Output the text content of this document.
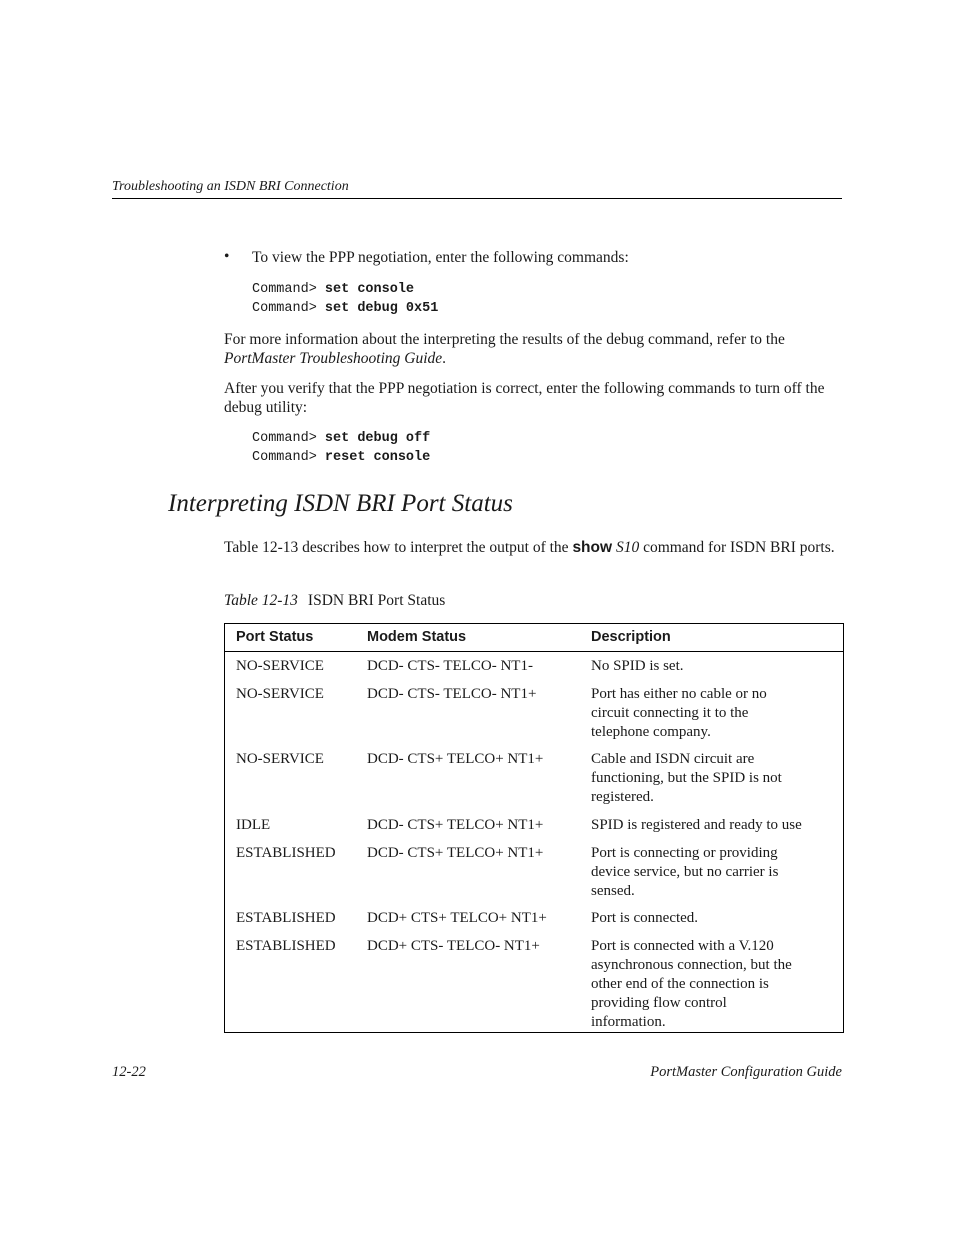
Troubleshooting an ISDN BRI Connection
• To view the PPP negotiation, enter the following commands:
Command> set console
Command> set debug 0x51
For more information about the interpreting the results of the debug command, refer to the PortMaster Troubleshooting Guide.
After you verify that the PPP negotiation is correct, enter the following commands to turn off the debug utility:
Command> set debug off
Command> reset console
Interpreting ISDN BRI Port Status
Table 12-13 describes how to interpret the output of the show S10 command for ISDN BRI ports.
Table 12-13 ISDN BRI Port Status
Port Status	Modem Status	Description
NO-SERVICE	DCD- CTS- TELCO- NT1-	No SPID is set.
NO-SERVICE	DCD- CTS- TELCO- NT1+	Port has either no cable or no
circuit connecting it to the
telephone company.
NO-SERVICE	DCD- CTS+ TELCO+ NT1+	Cable and ISDN circuit are
functioning, but the SPID is not
registered.
IDLE	DCD- CTS+ TELCO+ NT1+	SPID is registered and ready to use
ESTABLISHED DCD- CTS+ TELCO+ NT1+	Port is connecting or providing
device service, but no carrier is
sensed.
ESTABLISHED DCD+ CTS+ TELCO+ NT1+	Port is connected.
ESTABLISHED DCD+ CTS- TELCO- NT1+	Port is connected with a V.120
asynchronous connection, but the
other end of the connection is
providing flow control
information.
12-22	PortMaster Configuration Guide
